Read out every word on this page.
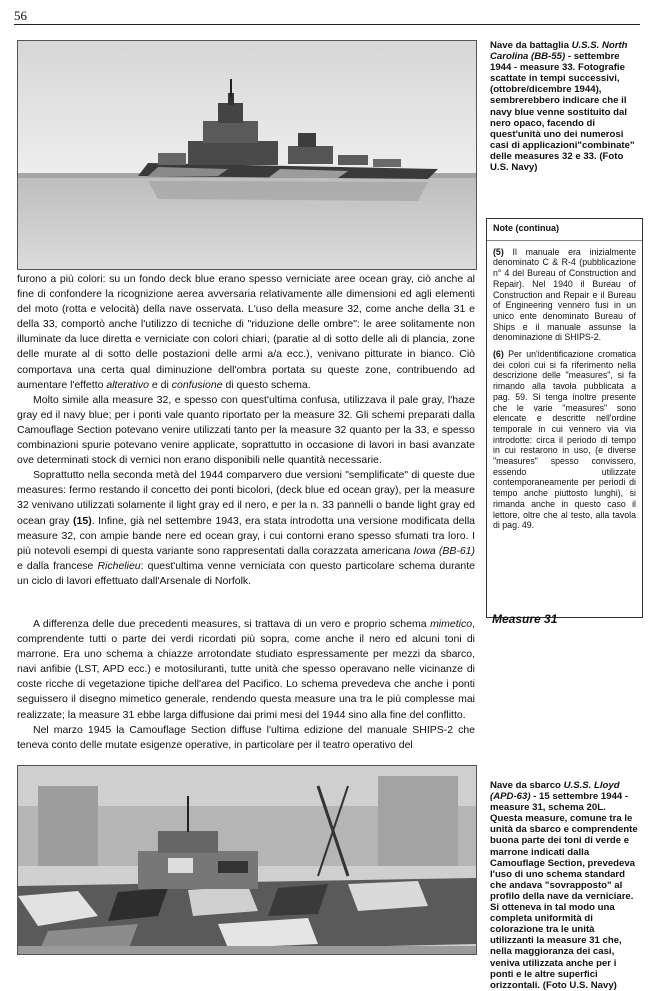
56
Nave da battaglia U.S.S. North Carolina (BB-55) - settembre 1944 - measure 33. Fotografie scattate in tempi successivi, (ottobre/dicembre 1944), sembrerebbero indicare che il navy blue venne sostituito dal nero opaco, facendo di quest'unità uno dei numerosi casi di applicazioni"combinate" delle measures 32 e 33. (Foto U.S. Navy)
Note (continua)

(5) Il manuale era inizialmente denominato C & R-4 (pubblicazione n° 4 del Bureau of Construction and Repair). Nel 1940 il Bureau of Construction and Repair e il Bureau of Engineering vennero fusi in un unico ente denominato Bureau of Ships e il manuale assunse la denominazione di SHIPS-2.

(6) Per un'identificazione cromatica dei colori cui si fa riferimento nella descrizione delle "measures", si fa rimando alla tavola pubblicata a pag. 59. Si tenga inoltre presente che le varie "measures" sono elencate e descritte nell'ordine temporale in cui vennero via via introdotte: circa il periodo di tempo in cui restarono in uso, (e diverse "measures" spesso convissero, essendo utilizzate contemporaneamente per periodi di tempo anche piuttosto lunghi), si rimanda anche in questo caso il lettore, oltre che al testo, alla tavola di pag. 49.

furono a più colori: su un fondo deck blue erano spesso verniciate aree ocean gray, ciò anche al fine di confondere la ricognizione aerea avversaria relativamente alle dimensioni ed agli elementi del moto (rotta e velocità) della nave osservata. L'uso della measure 32, come anche della 31 e della 33, comportò anche l'utilizzo di tecniche di "riduzione delle ombre": le aree solitamente non illuminate da luce diretta e verniciate con colori chiari, (paratie al di sotto delle ali di plancia, zone delle murate al di sotto delle postazioni delle armi a/a ecc.), venivano pitturate in bianco. Ciò comportava una certa qual diminuzione dell'ombra portata su queste zone, contribuendo ad aumentare l'effetto alterativo e di confusione di questo schema.

Molto simile alla measure 32, e spesso con quest'ultima confusa, utilizzava il pale gray, l'haze gray ed il navy blue; per i ponti vale quanto riportato per la measure 32. Gli schemi preparati dalla Camouflage Section potevano venire utilizzati tanto per la measure 32 quanto per la 33, e spesso combinazioni spurie potevano venire applicate, soprattutto in occasione di lavori in basi avanzate ove determinati stock di vernici non erano disponibili nelle quantità necessarie.

Soprattutto nella seconda metà del 1944 comparvero due versioni "semplificate" di queste due measures: fermo restando il concetto dei ponti bicolori, (deck blue ed ocean gray), per la measure 32 venivano utilizzati solamente il light gray ed il nero, e per la n. 33 pannelli o bande light gray ed ocean gray (15). Infine, già nel settembre 1943, era stata introdotta una versione modificata della measure 32, con ampie bande nere ed ocean gray, i cui contorni erano spesso sfumati tra loro. I più notevoli esempi di questa variante sono rappresentati dalla corazzata americana Iowa (BB-61) e dalla francese Richelieu: quest'ultima venne verniciata con questo particolare schema durante un ciclo di lavori effettuato dall'Arsenale di Norfolk.

Measure 31

A differenza delle due precedenti measures, si trattava di un vero e proprio schema mimetico, comprendente tutti o parte dei verdi ricordati più sopra, come anche il nero ed alcuni toni di marrone. Era uno schema a chiazze arrotondate studiato espressamente per mezzi da sbarco, navi anfibie (LST, APD ecc.) e motosiluranti, tutte unità che spesso operavano nelle vicinanze di coste ricche di vegetazione tipiche dell'area del Pacifico. Lo schema prevedeva che anche i ponti seguissero il disegno mimetico generale, rendendo questa measure una tra le più complesse mai realizzate; la measure 31 ebbe larga diffusione dai primi mesi del 1944 sino alla fine del conflitto.

Nel marzo 1945 la Camouflage Section diffuse l'ultima edizione del manuale SHIPS-2 che teneva conto delle mutate esigenze operative, in particolare per il teatro operativo del

Nave da sbarco U.S.S. Lloyd (APD-63) - 15 settembre 1944 - measure 31, schema 20L. Questa measure, comune tra le unità da sbarco e comprendente buona parte dei toni di verde e marrone indicati dalla Camouflage Section, prevedeva l'uso di uno schema standard che andava "sovrapposto" al profilo della nave da verniciare. Si otteneva in tal modo una completa uniformità di colorazione tra le unità utilizzanti la measure 31 che, nella maggioranza dei casi, veniva utilizzata anche per i ponti e le altre superfici orizzontali. (Foto U.S. Navy)
